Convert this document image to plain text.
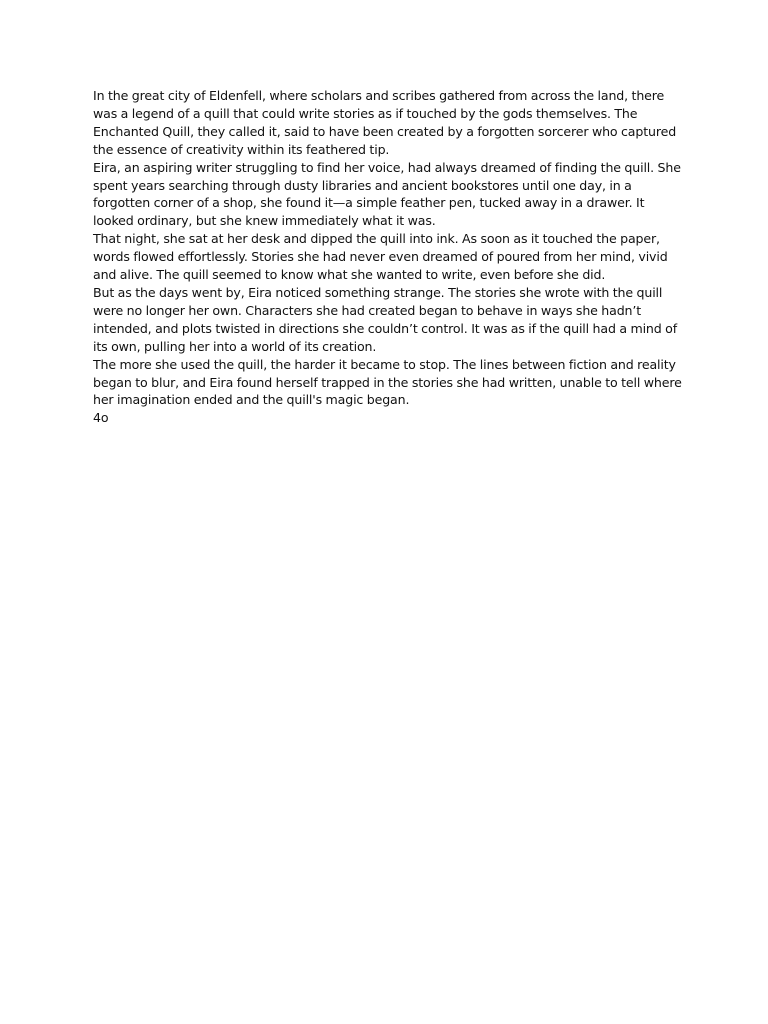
In the great city of Eldenfell, where scholars and scribes gathered from across the land, there was a legend of a quill that could write stories as if touched by the gods themselves. The Enchanted Quill, they called it, said to have been created by a forgotten sorcerer who captured the essence of creativity within its feathered tip.

Eira, an aspiring writer struggling to find her voice, had always dreamed of finding the quill. She spent years searching through dusty libraries and ancient bookstores until one day, in a forgotten corner of a shop, she found it—a simple feather pen, tucked away in a drawer. It looked ordinary, but she knew immediately what it was.

That night, she sat at her desk and dipped the quill into ink. As soon as it touched the paper, words flowed effortlessly. Stories she had never even dreamed of poured from her mind, vivid and alive. The quill seemed to know what she wanted to write, even before she did.

But as the days went by, Eira noticed something strange. The stories she wrote with the quill were no longer her own. Characters she had created began to behave in ways she hadn’t intended, and plots twisted in directions she couldn’t control. It was as if the quill had a mind of its own, pulling her into a world of its creation.

The more she used the quill, the harder it became to stop. The lines between fiction and reality began to blur, and Eira found herself trapped in the stories she had written, unable to tell where her imagination ended and the quill's magic began.

4o
